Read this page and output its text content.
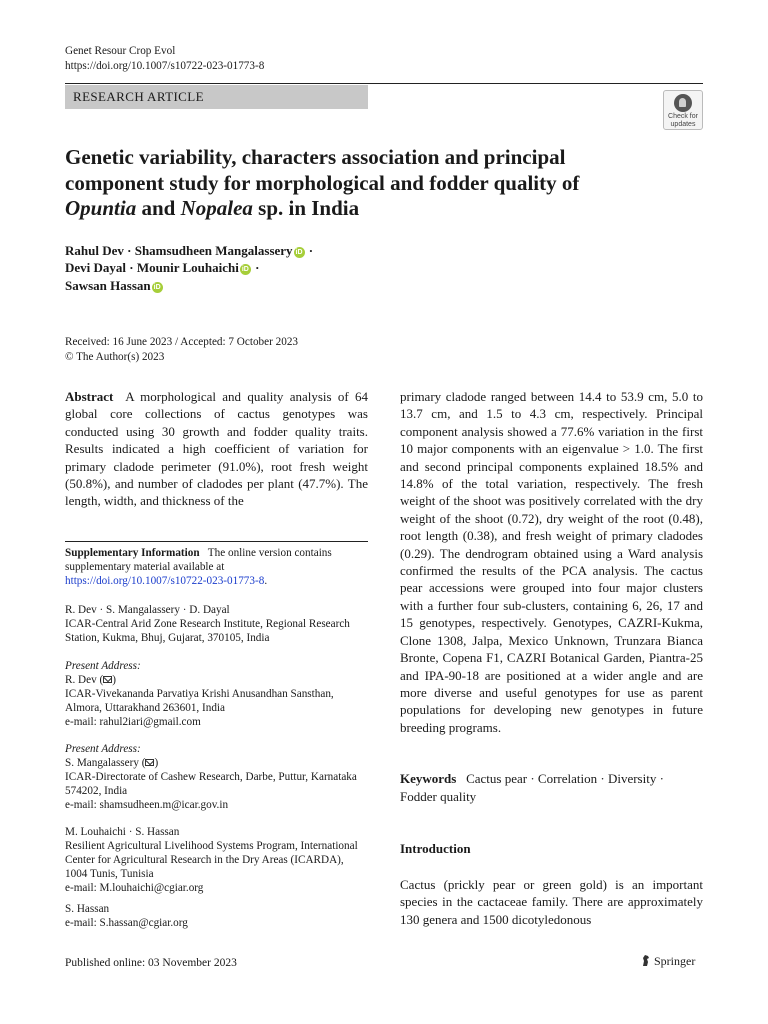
Genet Resour Crop Evol
https://doi.org/10.1007/s10722-023-01773-8
RESEARCH ARTICLE
Check for
updates
Genetic variability, characters association and principal component study for morphological and fodder quality of Opuntia and Nopalea sp. in India
Rahul Dev · Shamsudheen Mangalassery iD ·
Devi Dayal · Mounir Louhaichi iD ·
Sawsan Hassan iD
Received: 16 June 2023 / Accepted: 7 October 2023
© The Author(s) 2023
Abstract A morphological and quality analysis of 64 global core collections of cactus genotypes was conducted using 30 growth and fodder quality traits. Results indicated a high coefficient of variation for primary cladode perimeter (91.0%), root fresh weight (50.8%), and number of cladodes per plant (47.7%). The length, width, and thickness of the
primary cladode ranged between 14.4 to 53.9 cm, 5.0 to 13.7 cm, and 1.5 to 4.3 cm, respectively. Principal component analysis showed a 77.6% variation in the first 10 major components with an eigenvalue > 1.0. The first and second principal components explained 18.5% and 14.8% of the total variation, respectively. The fresh weight of the shoot was positively correlated with the dry weight of the shoot (0.72), dry weight of the root (0.48), root length (0.38), and fresh weight of primary cladodes (0.29). The dendrogram obtained using a Ward analysis confirmed the results of the PCA analysis. The cactus pear accessions were grouped into four major clusters with a further four sub-clusters, containing 6, 26, 17 and 15 genotypes, respectively. Genotypes, CAZRI-Kukma, Clone 1308, Jalpa, Mexico Unknown, Trunzara Bianca Bronte, Copena F1, CAZRI Botanical Garden, Piantra-25 and IPA-90-18 are positioned at a wider angle and are more diverse and useful genotypes for use as parent populations for developing new genotypes in future breeding programs.
Supplementary Information The online version contains supplementary material available at https://doi.org/10.1007/s10722-023-01773-8.
R. Dev · S. Mangalassery · D. Dayal
ICAR-Central Arid Zone Research Institute, Regional Research Station, Kukma, Bhuj, Gujarat, 370105, India
Present Address:
R. Dev ( )
ICAR-Vivekananda Parvatiya Krishi Anusandhan Sansthan, Almora, Uttarakhand 263601, India
e-mail: rahul2iari@gmail.com
Present Address:
S. Mangalassery ( )
ICAR-Directorate of Cashew Research, Darbe, Puttur, Karnataka 574202, India
e-mail: shamsudheen.m@icar.gov.in
M. Louhaichi · S. Hassan
Resilient Agricultural Livelihood Systems Program, International Center for Agricultural Research in the Dry Areas (ICARDA), 1004 Tunis, Tunisia
e-mail: M.louhaichi@cgiar.org
S. Hassan
e-mail: S.hassan@cgiar.org
Keywords Cactus pear · Correlation · Diversity · Fodder quality
Introduction
Cactus (prickly pear or green gold) is an important species in the cactaceae family. There are approximately 130 genera and 1500 dicotyledonous
Published online: 03 November 2023	Springer
